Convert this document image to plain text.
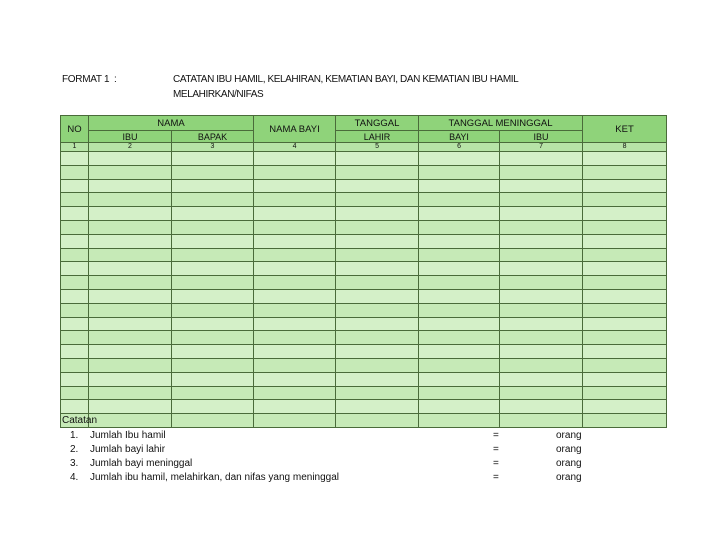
FORMAT 1 :	CATATAN IBU HAMIL, KELAHIRAN, KEMATIAN BAYI, DAN KEMATIAN IBU HAMIL
MELAHIRKAN/NIFAS
NO	NAMA		NAMA BAYI	TANGGAL	TANGGAL MENINGGAL		KET
	IBU	BAPAK		LAHIR	BAYI	IBU	
1	2	3	4	5	6	7	8

Catatan
1. Jumlah Ibu hamil	=	orang
2. Jumlah bayi lahir	=	orang
3. Jumlah bayi meninggal	=	orang
4. Jumlah ibu hamil, melahirkan, dan nifas yang meninggal	=	orang
